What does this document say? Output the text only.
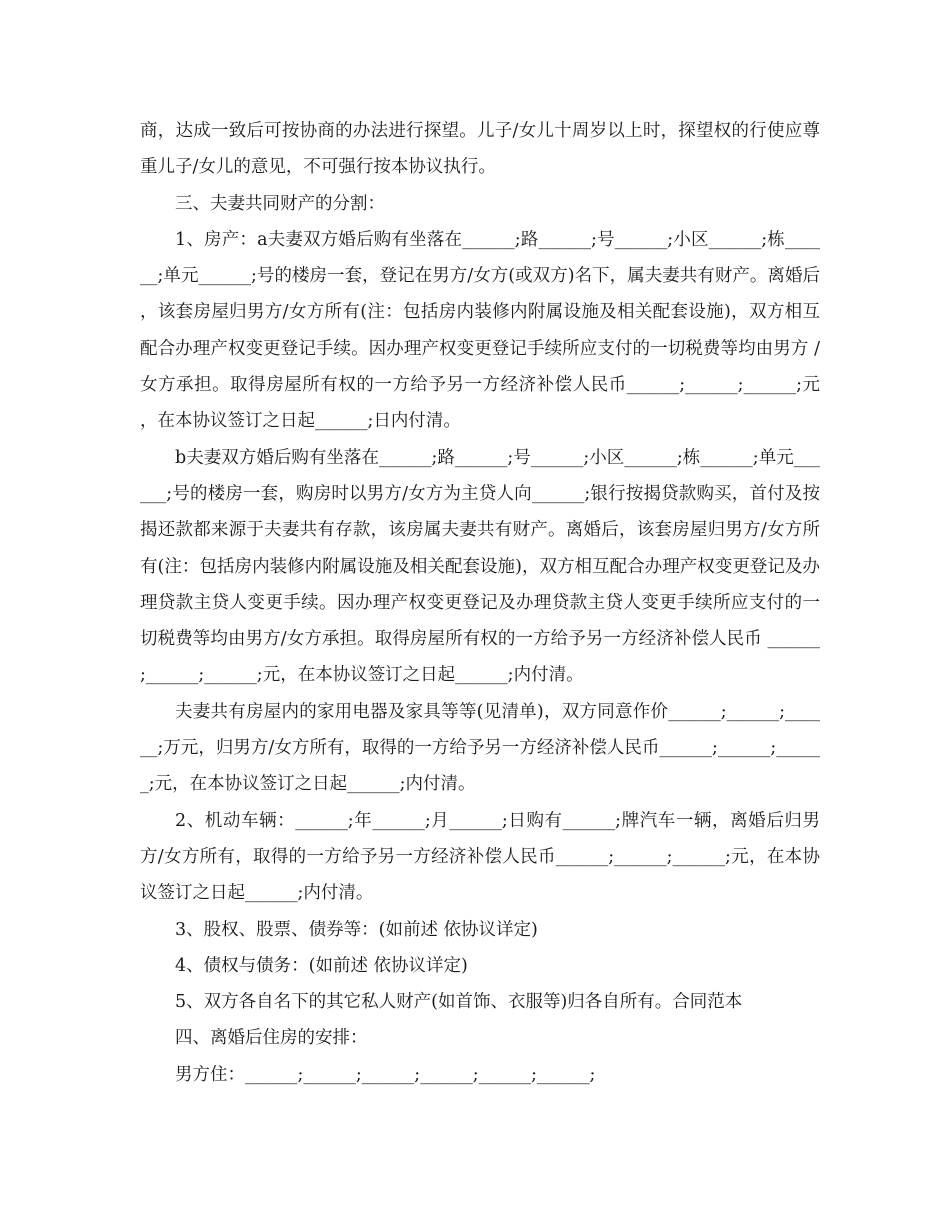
商，达成一致后可按协商的办法进行探望。儿子/女儿十周岁以上时，探望权的行使应尊重儿子/女儿的意见，不可强行按本协议执行。

三、夫妻共同财产的分割：

1、房产：a夫妻双方婚后购有坐落在______;路______;号______;小区______;栋______;单元______;号的楼房一套，登记在男方/女方(或双方)名下，属夫妻共有财产。离婚后，该套房屋归男方/女方所有(注：包括房内装修内附属设施及相关配套设施)，双方相互配合办理产权变更登记手续。因办理产权变更登记手续所应支付的一切税费等均由男方 /女方承担。取得房屋所有权的一方给予另一方经济补偿人民币______;______;______;元，在本协议签订之日起______;日内付清。

b夫妻双方婚后购有坐落在______;路______;号______;小区______;栋______;单元______;号的楼房一套，购房时以男方/女方为主贷人向______;银行按揭贷款购买，首付及按揭还款都来源于夫妻共有存款，该房属夫妻共有财产。离婚后，该套房屋归男方/女方所有(注：包括房内装修内附属设施及相关配套设施)，双方相互配合办理产权变更登记及办理贷款主贷人变更手续。因办理产权变更登记及办理贷款主贷人变更手续所应支付的一切税费等均由男方/女方承担。取得房屋所有权的一方给予另一方经济补偿人民币 ______;______;______;元，在本协议签订之日起______;内付清。

夫妻共有房屋内的家用电器及家具等等(见清单)，双方同意作价______;______;______;万元，归男方/女方所有，取得的一方给予另一方经济补偿人民币______;______;______;元，在本协议签订之日起______;内付清。

2、机动车辆：______;年______;月______;日购有______;牌汽车一辆，离婚后归男方/女方所有，取得的一方给予另一方经济补偿人民币______;______;______;元，在本协议签订之日起______;内付清。

3、股权、股票、债券等：(如前述 依协议详定)

4、债权与债务：(如前述 依协议详定)

5、双方各自名下的其它私人财产(如首饰、衣服等)归各自所有。合同范本

四、离婚后住房的安排：

男方住：______;______;______;______;______;______;
